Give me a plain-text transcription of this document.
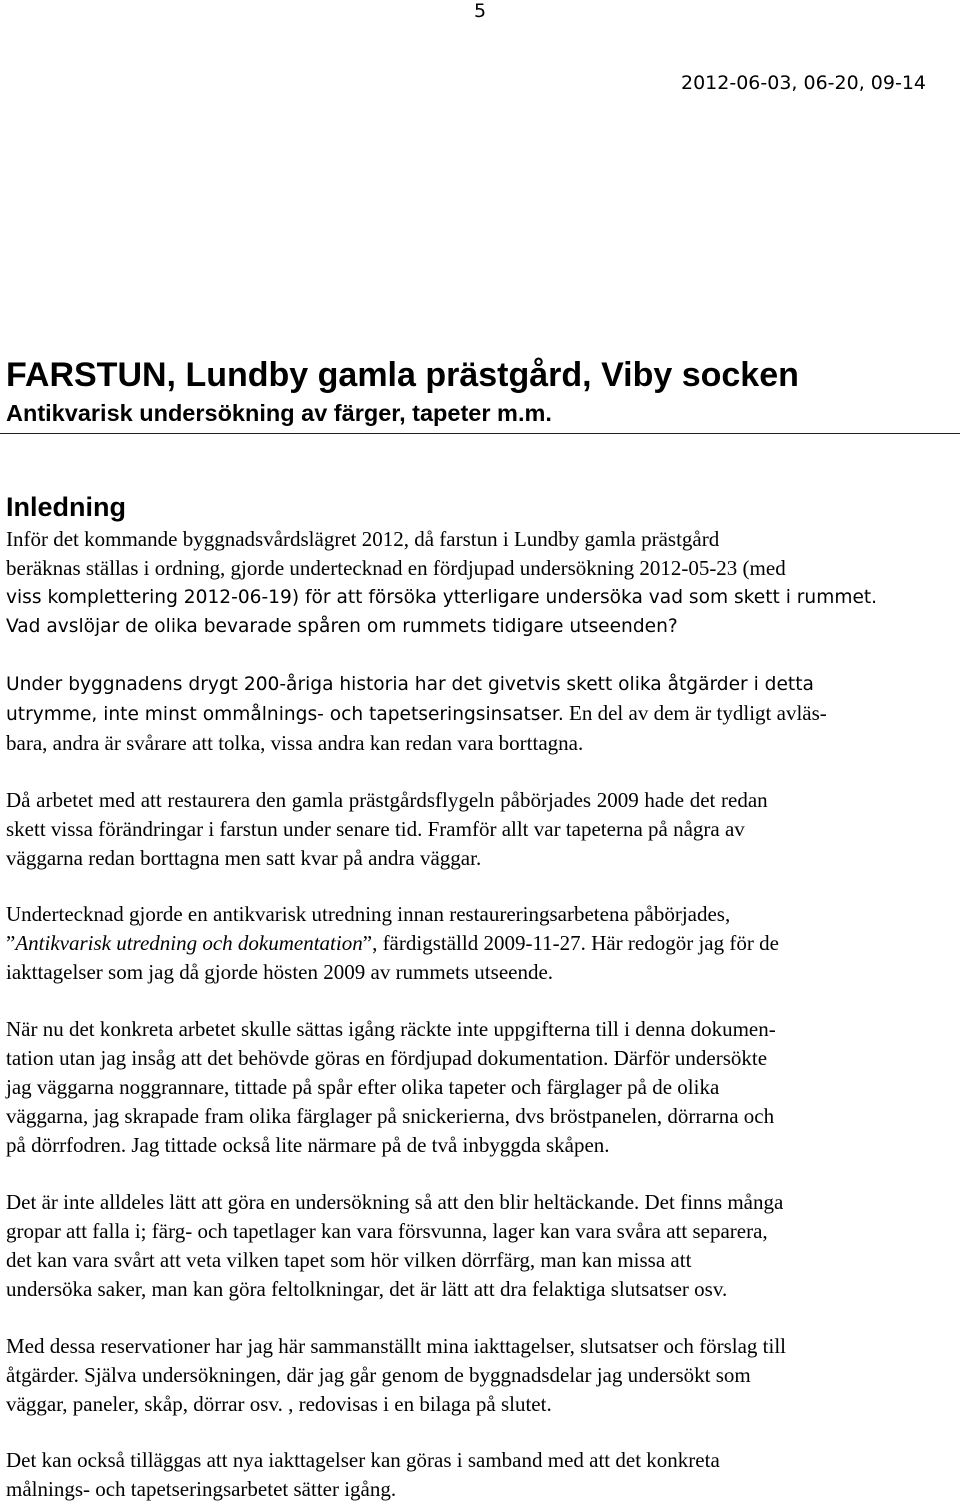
5
2012-06-03, 06-20, 09-14
FARSTUN, Lundby gamla prästgård, Viby socken
Antikvarisk undersökning av färger, tapeter m.m.
Inledning
Inför det kommande byggnadsvårdslägret 2012, då farstun i Lundby gamla prästgård
beräknas ställas i ordning, gjorde undertecknad en fördjupad undersökning 2012-05-23 (med
viss komplettering 2012-06-19) för att försöka ytterligare undersöka vad som skett i rummet.
Vad avslöjar de olika bevarade spåren om rummets tidigare utseenden?
Under byggnadens drygt 200-åriga historia har det givetvis skett olika åtgärder i detta
utrymme, inte minst ommålnings- och tapetseringsinsatser. En del av dem är tydligt avläs-
bara, andra är svårare att tolka, vissa andra kan redan vara borttagna.
Då arbetet med att restaurera den gamla prästgårdsflygeln påbörjades 2009 hade det redan
skett vissa förändringar i farstun under senare tid. Framför allt var tapeterna på några av
väggarna redan borttagna men satt kvar på andra väggar.
Undertecknad gjorde en antikvarisk utredning innan restaureringsarbetena påbörjades,
”Antikvarisk utredning och dokumentation”, färdigställd 2009-11-27. Här redogör jag för de
iakttagelser som jag då gjorde hösten 2009 av rummets utseende.
När nu det konkreta arbetet skulle sättas igång räckte inte uppgifterna till i denna dokumen-
tation utan jag insåg att det behövde göras en fördjupad dokumentation. Därför undersökte
jag väggarna noggrannare, tittade på spår efter olika tapeter och färglager på de olika
väggarna, jag skrapade fram olika färglager på snickerierna, dvs bröstpanelen, dörrarna och
på dörrfodren. Jag tittade också lite närmare på de två inbyggda skåpen.
Det är inte alldeles lätt att göra en undersökning så att den blir heltäckande. Det finns många
gropar att falla i; färg- och tapetlager kan vara försvunna, lager kan vara svåra att separera,
det kan vara svårt att veta vilken tapet som hör vilken dörrfärg, man kan missa att
undersöka saker, man kan göra feltolkningar, det är lätt att dra felaktiga slutsatser osv.
Med dessa reservationer har jag här sammanställt mina iakttagelser, slutsatser och förslag till
åtgärder. Själva undersökningen, där jag går genom de byggnadsdelar jag undersökt som
väggar, paneler, skåp, dörrar osv. , redovisas i en bilaga på slutet.
Det kan också tilläggas att nya iakttagelser kan göras i samband med att det konkreta
målnings- och tapetseringsarbetet sätter igång.
